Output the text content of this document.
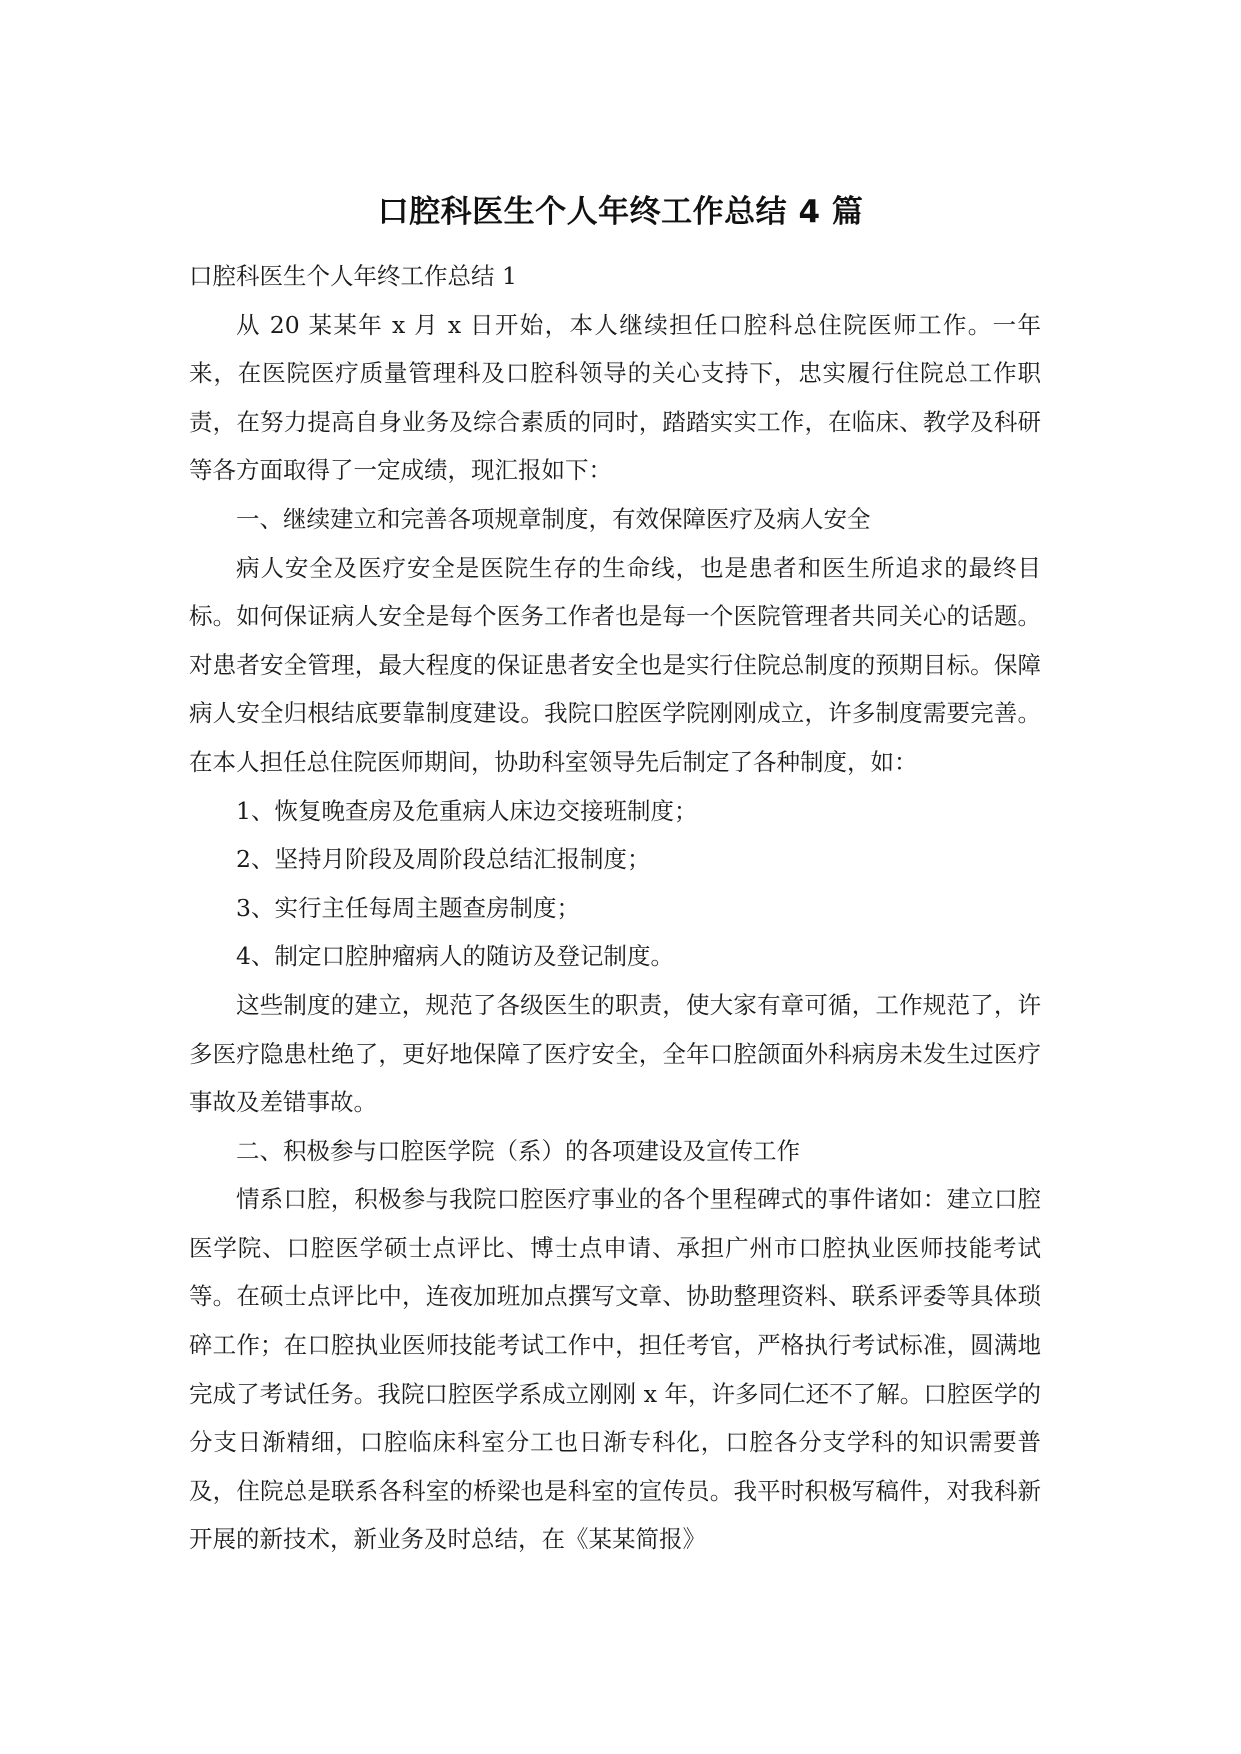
口腔科医生个人年终工作总结 4 篇

口腔科医生个人年终工作总结 1

从 20 某某年 x 月 x 日开始，本人继续担任口腔科总住院医师工作。一年来，在医院医疗质量管理科及口腔科领导的关心支持下，忠实履行住院总工作职责，在努力提高自身业务及综合素质的同时，踏踏实实工作，在临床、教学及科研等各方面取得了一定成绩，现汇报如下：

一、继续建立和完善各项规章制度，有效保障医疗及病人安全

病人安全及医疗安全是医院生存的生命线，也是患者和医生所追求的最终目标。如何保证病人安全是每个医务工作者也是每一个医院管理者共同关心的话题。对患者安全管理，最大程度的保证患者安全也是实行住院总制度的预期目标。保障病人安全归根结底要靠制度建设。我院口腔医学院刚刚成立，许多制度需要完善。在本人担任总住院医师期间，协助科室领导先后制定了各种制度，如：

1、恢复晚查房及危重病人床边交接班制度；

2、坚持月阶段及周阶段总结汇报制度；

3、实行主任每周主题查房制度；

4、制定口腔肿瘤病人的随访及登记制度。

这些制度的建立，规范了各级医生的职责，使大家有章可循，工作规范了，许多医疗隐患杜绝了，更好地保障了医疗安全，全年口腔颌面外科病房未发生过医疗事故及差错事故。

二、积极参与口腔医学院（系）的各项建设及宣传工作

情系口腔，积极参与我院口腔医疗事业的各个里程碑式的事件诸如：建立口腔医学院、口腔医学硕士点评比、博士点申请、承担广州市口腔执业医师技能考试等。在硕士点评比中，连夜加班加点撰写文章、协助整理资料、联系评委等具体琐碎工作；在口腔执业医师技能考试工作中，担任考官，严格执行考试标准，圆满地完成了考试任务。我院口腔医学系成立刚刚 x 年，许多同仁还不了解。口腔医学的分支日渐精细，口腔临床科室分工也日渐专科化，口腔各分支学科的知识需要普及，住院总是联系各科室的桥梁也是科室的宣传员。我平时积极写稿件，对我科新开展的新技术，新业务及时总结，在《某某简报》
